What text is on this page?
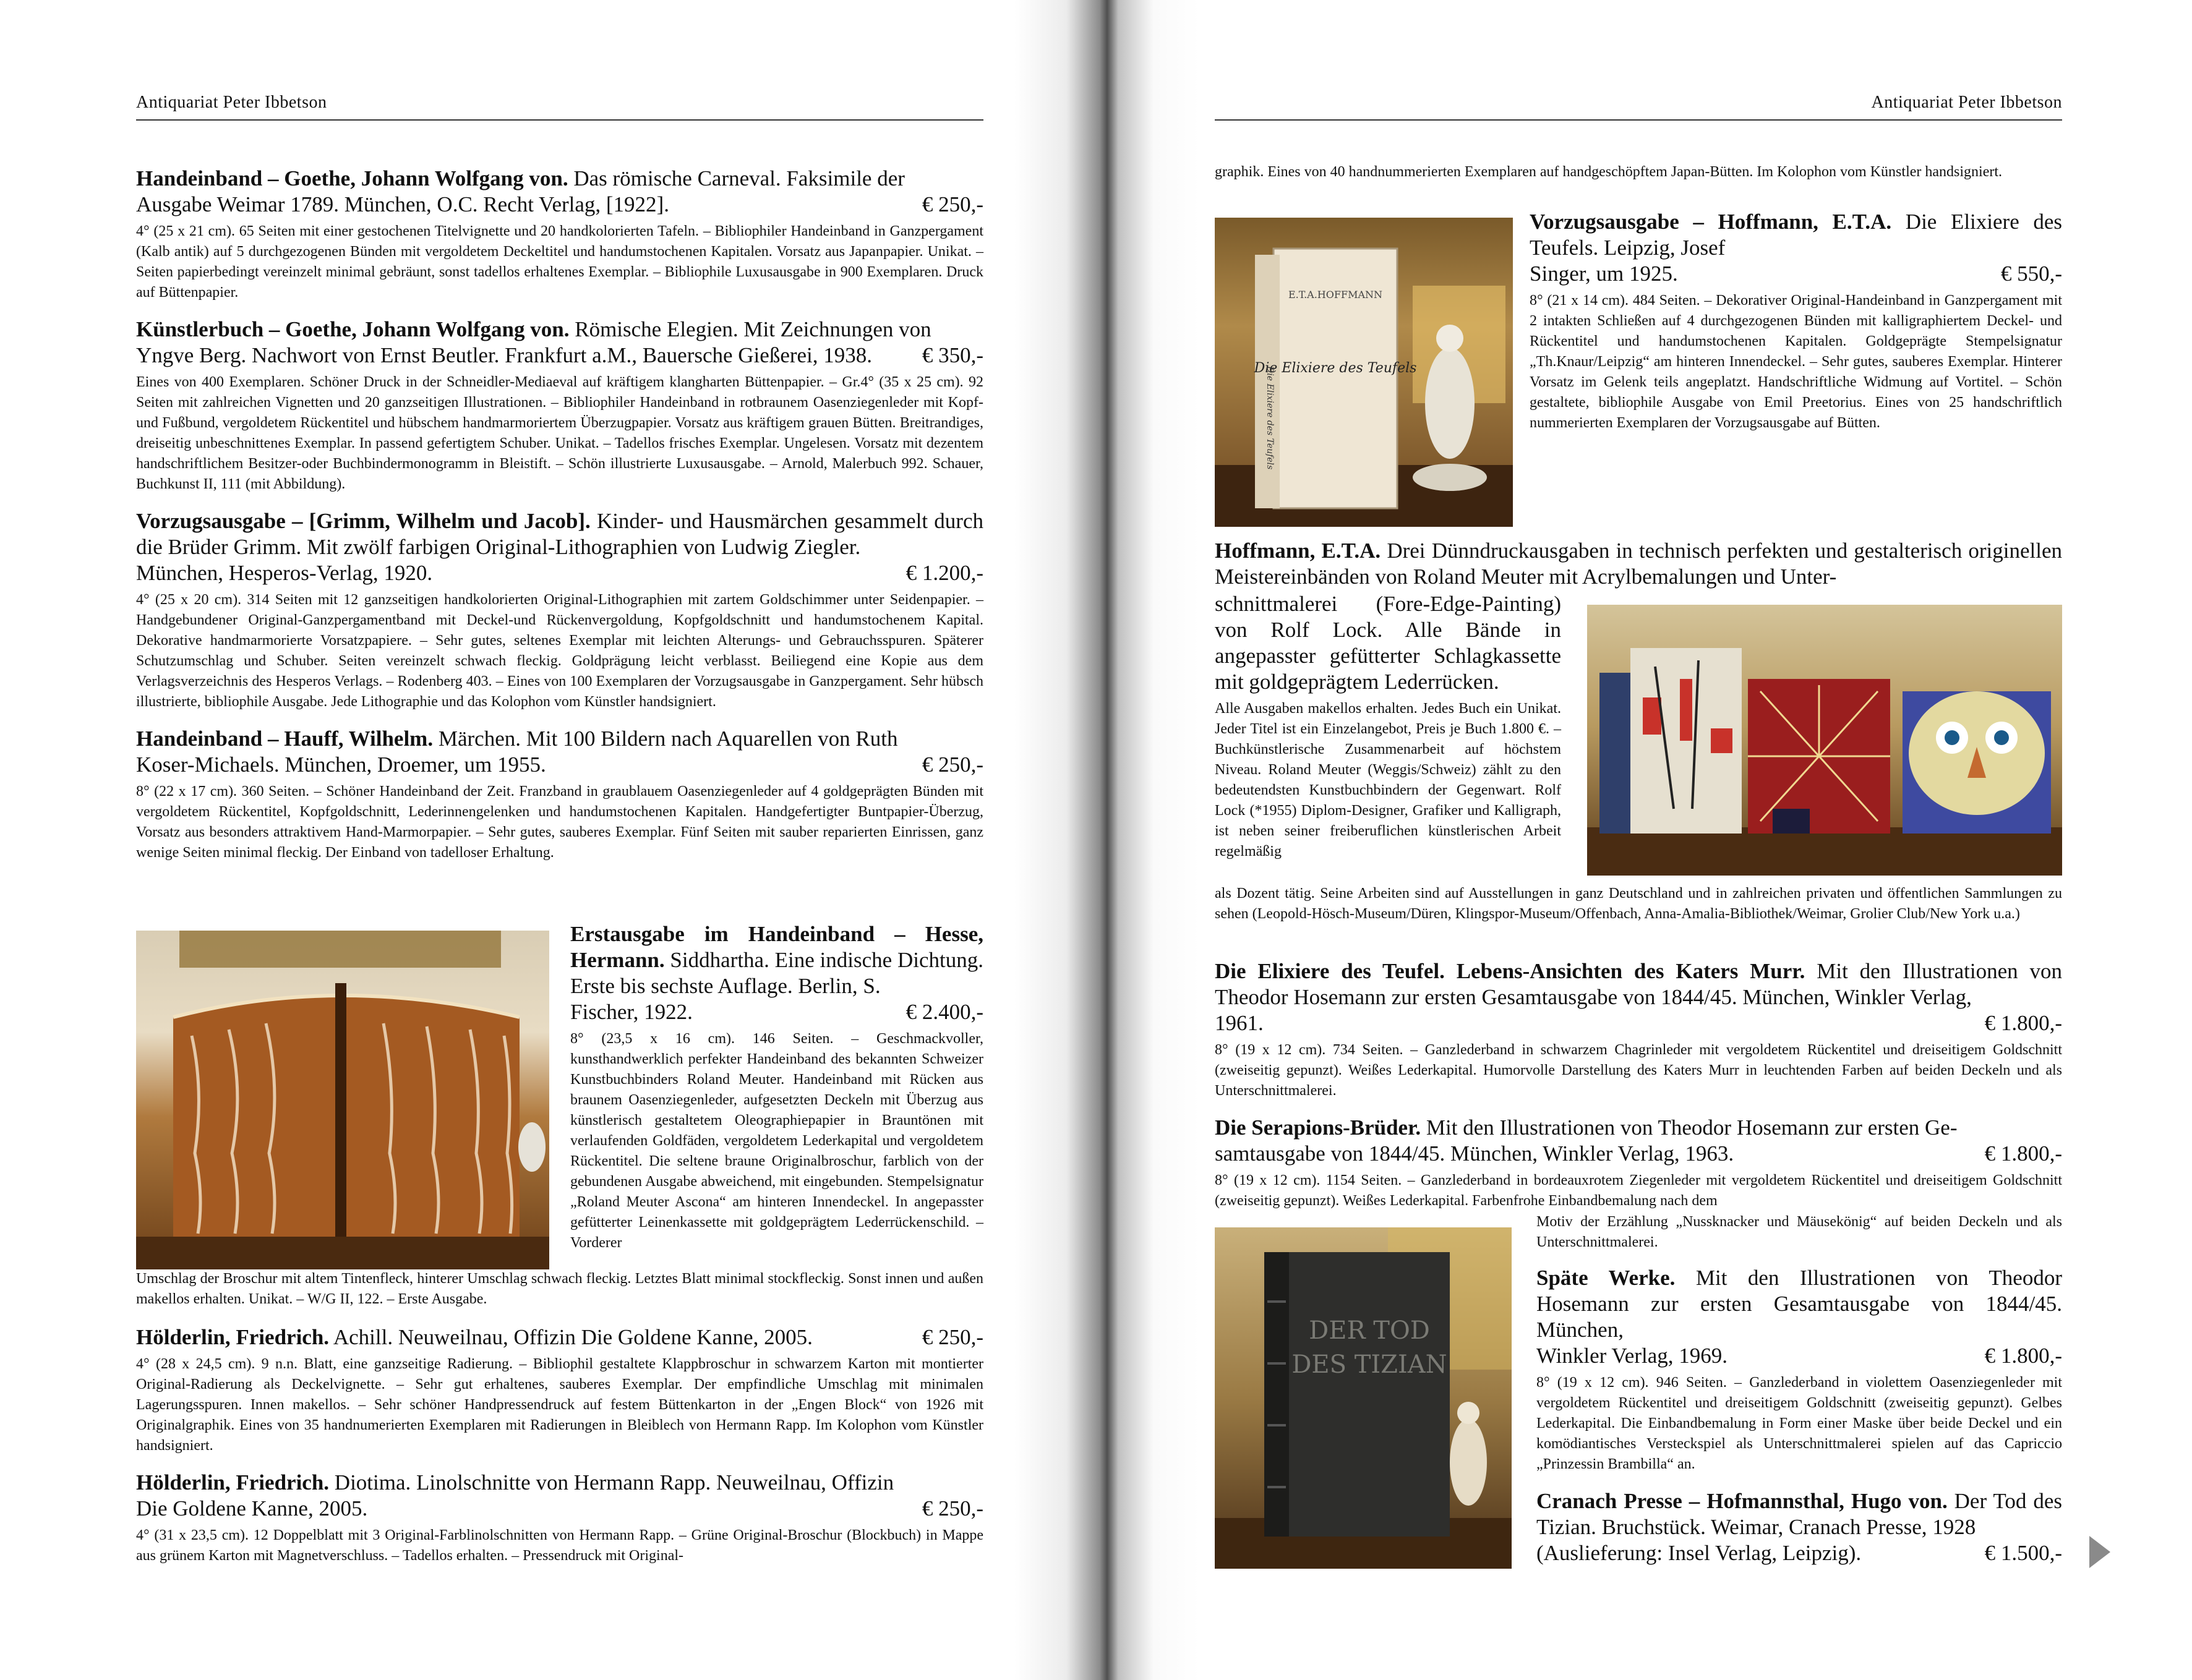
Antiquariat Peter Ibbetson

Handeinband – Goethe, Johann Wolfgang von. Das römische Carneval. Faksimile der

Ausgabe Weimar 1789. München, O.C. Recht Verlag, [1922].	€ 250,-

4° (25 x 21 cm). 65 Seiten mit einer gestochenen Titelvignette und 20 handkolorierten Tafeln. – Bibliophiler Handeinband in Ganzpergament (Kalb antik) auf 5 durchgezogenen Bünden mit vergoldetem Deckeltitel und handumstochenen Kapitalen. Vorsatz aus Japanpapier. Unikat. – Seiten papierbedingt vereinzelt minimal gebräunt, sonst tadellos erhaltenes Exemplar. – Bibliophile Luxusausgabe in 900 Exemplaren. Druck auf Büttenpapier.

Künstlerbuch – Goethe, Johann Wolfgang von. Römische Elegien. Mit Zeichnungen von

Yngve Berg. Nachwort von Ernst Beutler. Frankfurt a.M., Bauersche Gießerei, 1938. € 350,-

Eines von 400 Exemplaren. Schöner Druck in der Schneidler-Mediaeval auf kräftigem klangharten Büttenpapier. – Gr.4° (35 x 25 cm). 92 Seiten mit zahlreichen Vignetten und 20 ganzseitigen Illustrationen. – Bibliophiler Handeinband in rotbraunem Oasenziegenleder mit Kopf-und Fußbund, vergoldetem Rückentitel und hübschem handmarmoriertem Überzugpapier. Vorsatz aus kräftigem grauen Bütten. Breitrandiges, dreiseitig unbeschnittenes Exemplar. In passend gefertigtem Schuber. Unikat. – Tadellos frisches Exemplar. Ungelesen. Vorsatz mit dezentem handschriftlichem Besitzer-oder Buchbindermonogramm in Bleistift. – Schön illustrierte Luxusausgabe. – Arnold, Malerbuch 992. Schauer, Buchkunst II, 111 (mit Abbildung).

Vorzugsausgabe – [Grimm, Wilhelm und Jacob]. Kinder- und Hausmärchen gesammelt durch die Brüder Grimm. Mit zwölf farbigen Original-Lithographien von Ludwig Ziegler.

München, Hesperos-Verlag, 1920.	€ 1.200,-

4° (25 x 20 cm). 314 Seiten mit 12 ganzseitigen handkolorierten Original-Lithographien mit zartem Goldschimmer unter Seidenpapier. – Handgebundener Original-Ganzpergamentband mit Deckel-und Rückenvergoldung, Kopfgoldschnitt und handumstochenem Kapital. Dekorative handmarmorierte Vorsatzpapiere. – Sehr gutes, seltenes Exemplar mit leichten Alterungs- und Gebrauchsspuren. Späterer Schutzumschlag und Schuber. Seiten vereinzelt schwach fleckig. Goldprägung leicht verblasst. Beiliegend eine Kopie aus dem Verlagsverzeichnis des Hesperos Verlags. – Rodenberg 403. – Eines von 100 Exemplaren der Vorzugsausgabe in Ganzpergament. Sehr hübsch illustrierte, bibliophile Ausgabe. Jede Lithographie und das Kolophon vom Künstler handsigniert.

Handeinband – Hauff, Wilhelm. Märchen. Mit 100 Bildern nach Aquarellen von Ruth

Koser-Michaels. München, Droemer, um 1955.	€ 250,-

8° (22 x 17 cm). 360 Seiten. – Schöner Handeinband der Zeit. Franzband in graublauem Oasenziegenleder auf 4 goldgeprägten Bünden mit vergoldetem Rückentitel, Kopfgoldschnitt, Lederinnengelenken und handumstochenen Kapitalen. Handgefertigter Buntpapier-Überzug, Vorsatz aus besonders attraktivem Hand-Marmorpapier. – Sehr gutes, sauberes Exemplar. Fünf Seiten mit sauber reparierten Einrissen, ganz wenige Seiten minimal fleckig. Der Einband von tadelloser Erhaltung.

Erstausgabe im Handeinband – Hesse, Hermann. Siddhartha. Eine indische Dichtung. Erste bis sechste Auflage. Berlin, S.

Fischer, 1922.	€ 2.400,-

8° (23,5 x 16 cm). 146 Seiten. – Geschmackvoller, kunsthandwerklich perfekter Handeinband des bekannten Schweizer Kunstbuchbinders Roland Meuter. Handeinband mit Rücken aus braunem Oasenziegenleder, aufgesetzten Deckeln mit Überzug aus künstlerisch gestaltetem Oleographiepapier in Brauntönen mit verlaufenden Goldfäden, vergoldetem Lederkapital und vergoldetem Rückentitel. Die seltene braune Originalbroschur, farblich von der gebundenen Ausgabe abweichend, mit eingebunden. Stempelsignatur „Roland Meuter Ascona“ am hinteren Innendeckel. In angepasster gefütterter Leinenkassette mit goldgeprägtem Lederrückenschild. – Vorderer

Umschlag der Broschur mit altem Tintenfleck, hinterer Umschlag schwach fleckig. Letztes Blatt minimal stockfleckig. Sonst innen und außen makellos erhalten. Unikat. – W/G II, 122. – Erste Ausgabe.

Hölderlin, Friedrich. Achill. Neuweilnau, Offizin Die Goldene Kanne, 2005.	€ 250,-

4° (28 x 24,5 cm). 9 n.n. Blatt, eine ganzseitige Radierung. – Bibliophil gestaltete Klappbroschur in schwarzem Karton mit montierter Original-Radierung als Deckelvignette. – Sehr gut erhaltenes, sauberes Exemplar. Der empfindliche Umschlag mit minimalen Lagerungsspuren. Innen makellos. – Sehr schöner Handpressendruck auf festem Büttenkarton in der „Engen Block“ von 1926 mit Originalgraphik. Eines von 35 handnumerierten Exemplaren mit Radierungen in Bleiblech von Hermann Rapp. Im Kolophon vom Künstler handsigniert.

Hölderlin, Friedrich. Diotima. Linolschnitte von Hermann Rapp. Neuweilnau, Offizin

Die Goldene Kanne, 2005.	€ 250,-

4° (31 x 23,5 cm). 12 Doppelblatt mit 3 Original-Farblinolschnitten von Hermann Rapp. – Grüne Original-Broschur (Blockbuch) in Mappe aus grünem Karton mit Magnetverschluss. – Tadellos erhalten. – Pressendruck mit Original-

Antiquariat Peter Ibbetson

graphik. Eines von 40 handnummerierten Exemplaren auf handgeschöpftem Japan-Bütten. Im Kolophon vom Künstler handsigniert.

E.T.A.HOFFMANN
Die Elixiere des Teufels
Die Elixiere des Teufels

Vorzugsausgabe – Hoffmann, E.T.A. Die Elixiere des Teufels. Leipzig, Josef

Singer, um 1925.	€ 550,-

8° (21 x 14 cm). 484 Seiten. – Dekorativer Original-Handeinband in Ganzpergament mit 2 intakten Schließen auf 4 durchgezogenen Bünden mit kalligraphiertem Deckel- und Rückentitel und handumstochenen Kapitalen. Goldgeprägte Stempelsignatur „Th.Knaur/Leipzig“ am hinteren Innendeckel. – Sehr gutes, sauberes Exemplar. Hinterer Vorsatz im Gelenk teils angeplatzt. Handschriftliche Widmung auf Vortitel. – Schön gestaltete, bibliophile Ausgabe von Emil Preetorius. Eines von 25 handschriftlich nummerierten Exemplaren der Vorzugsausgabe auf Bütten.

Hoffmann, E.T.A. Drei Dünndruckausgaben in technisch perfekten und gestalterisch originellen Meistereinbänden von Roland Meuter mit Acrylbemalungen und Unter-

schnittmalerei (Fore-Edge-Painting) von Rolf Lock. Alle Bände in angepasster gefütterter Schlagkassette mit goldgeprägtem Lederrücken.

Alle Ausgaben makellos erhalten. Jedes Buch ein Unikat. Jeder Titel ist ein Einzelangebot, Preis je Buch 1.800 €. – Buchkünstlerische Zusammenarbeit auf höchstem Niveau. Roland Meuter (Weggis/Schweiz) zählt zu den bedeutendsten Kunstbuchbindern der Gegenwart. Rolf Lock (*1955) Diplom-Designer, Grafiker und Kalligraph, ist neben seiner freiberuflichen künstlerischen Arbeit regelmäßig

als Dozent tätig. Seine Arbeiten sind auf Ausstellungen in ganz Deutschland und in zahlreichen privaten und öffentlichen Sammlungen zu sehen (Leopold-Hösch-Museum/Düren, Klingspor-Museum/Offenbach, Anna-Amalia-Bibliothek/Weimar, Grolier Club/New York u.a.)

Die Elixiere des Teufel. Lebens-Ansichten des Katers Murr. Mit den Illustrationen von Theodor Hosemann zur ersten Gesamtausgabe von 1844/45. München, Winkler Verlag,

1961.	€ 1.800,-

8° (19 x 12 cm). 734 Seiten. – Ganzlederband in schwarzem Chagrinleder mit vergoldetem Rückentitel und dreiseitigem Goldschnitt (zweiseitig gepunzt). Weißes Lederkapital. Humorvolle Darstellung des Katers Murr in leuchtenden Farben auf beiden Deckeln und als Unterschnittmalerei.

Die Serapions-Brüder. Mit den Illustrationen von Theodor Hosemann zur ersten Ge-

samtausgabe von 1844/45. München, Winkler Verlag, 1963.	€ 1.800,-

8° (19 x 12 cm). 1154 Seiten. – Ganzlederband in bordeauxrotem Ziegenleder mit vergoldetem Rückentitel und dreiseitigem Goldschnitt (zweiseitig gepunzt). Weißes Lederkapital. Farbenfrohe Einbandbemalung nach dem

DER TOD
DES TIZIAN

Motiv der Erzählung „Nussknacker und Mäusekönig“ auf beiden Deckeln und als Unterschnittmalerei.

Späte Werke. Mit den Illustrationen von Theodor Hosemann zur ersten Gesamtausgabe von 1844/45. München,

Winkler Verlag, 1969.	€ 1.800,-

8° (19 x 12 cm). 946 Seiten. – Ganzlederband in violettem Oasenziegenleder mit vergoldetem Rückentitel und dreiseitigem Goldschnitt (zweiseitig gepunzt). Gelbes Lederkapital. Die Einbandbemalung in Form einer Maske über beide Deckel und ein komödiantisches Versteckspiel als Unterschnittmalerei spielen auf das Capriccio „Prinzessin Brambilla“ an.

Cranach Presse – Hofmannsthal, Hugo von. Der Tod des Tizian. Bruchstück. Weimar, Cranach Presse, 1928

(Auslieferung: Insel Verlag, Leipzig).	€ 1.500,-
